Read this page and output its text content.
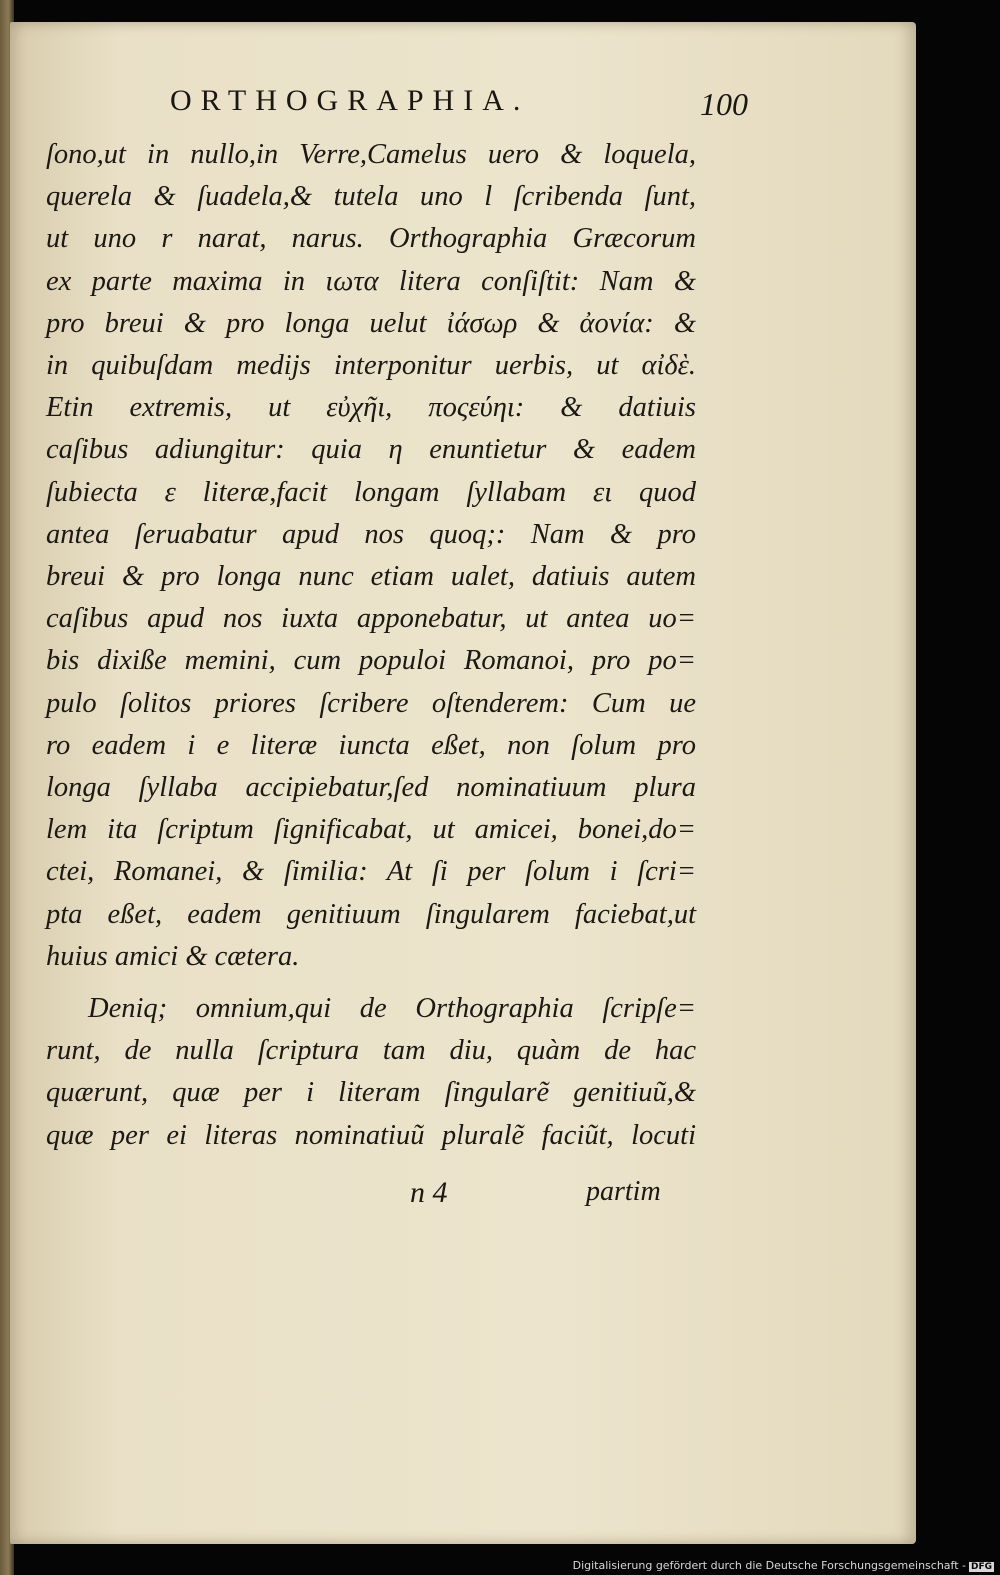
ORTHOGRAPHIA.	100
ſono,ut in nullo,in Verre,Camelus uero & loquela,
querela & ſuadela,& tutela uno l ſcribenda ſunt,
ut uno r narat, narus. Orthographia Græcorum
ex parte maxima in ιωτα litera conſiſtit: Nam &
pro breui & pro longa uelut ἰάσωρ & ἀονία: &
in quibuſdam medijs interponitur uerbis, ut αἰδὲ.
Etin extremis, ut εὐχῆι, ποςεύηι: & datiuis
caſibus adiungitur: quia η enuntietur & eadem
ſubiecta ε literæ,facit longam ſyllabam ει quod
antea ſeruabatur apud nos quoq;: Nam & pro
breui & pro longa nunc etiam ualet, datiuis autem
caſibus apud nos iuxta apponebatur, ut antea uo=
bis dixiße memini, cum populoi Romanoi, pro po=
pulo ſolitos priores ſcribere oſtenderem: Cum ue
ro eadem i e literæ iuncta eßet, non ſolum pro
longa ſyllaba accipiebatur,ſed nominatiuum plura
lem ita ſcriptum ſignificabat, ut amicei, bonei,do=
ctei, Romanei, & ſimilia: At ſi per ſolum i ſcri=
pta eßet, eadem genitiuum ſingularem faciebat,ut
huius amici & cætera.
Deniq; omnium,qui de Orthographia ſcripſe=
runt, de nulla ſcriptura tam diu, quàm de hac
quærunt, quæ per i literam ſingularẽ genitiuũ,&
quæ per ei literas nominatiuũ pluralẽ faciũt, locuti
n 4	partim
Digitalisierung gefördert durch die Deutsche Forschungsgemeinschaft - DFG
